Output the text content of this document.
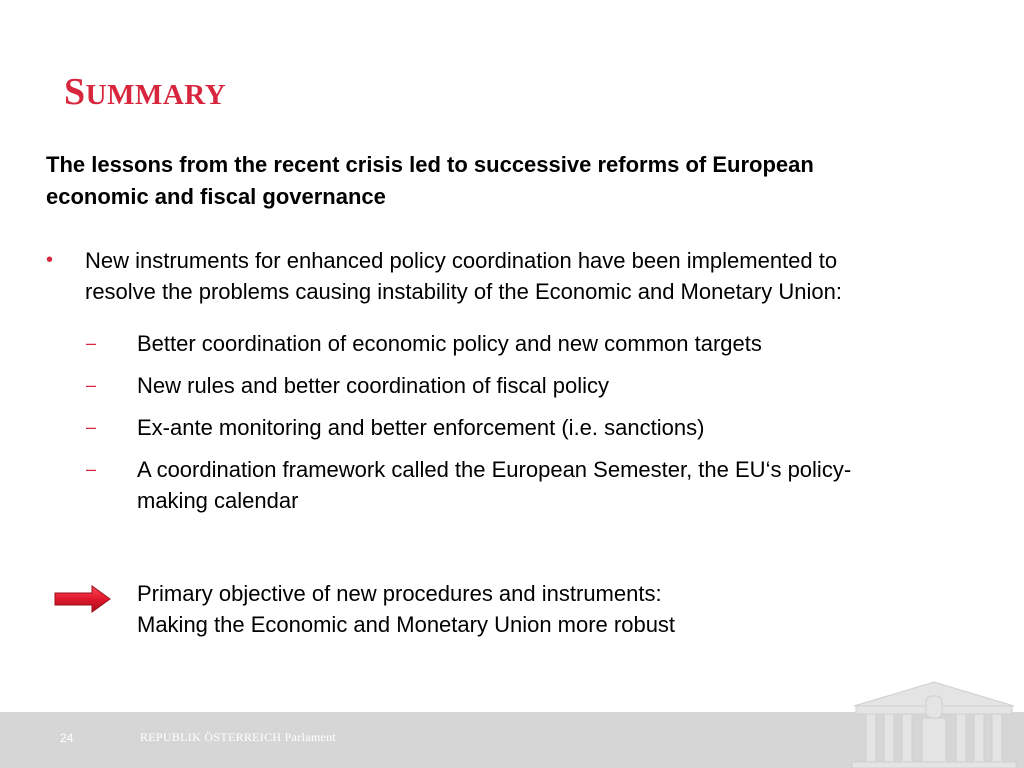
SUMMARY
The lessons from the recent crisis led to successive reforms of European
economic and fiscal governance
• New instruments for enhanced policy coordination have been implemented to
resolve the problems causing instability of the Economic and Monetary Union:
– Better coordination of economic policy and new common targets
– New rules and better coordination of fiscal policy
– Ex-ante monitoring and better enforcement (i.e. sanctions)
– A coordination framework called the European Semester, the EU‘s policy-
making calendar
Primary objective of new procedures and instruments:
Making the Economic and Monetary Union more robust
24	REPUBLIK ÖSTERREICH Parlament
